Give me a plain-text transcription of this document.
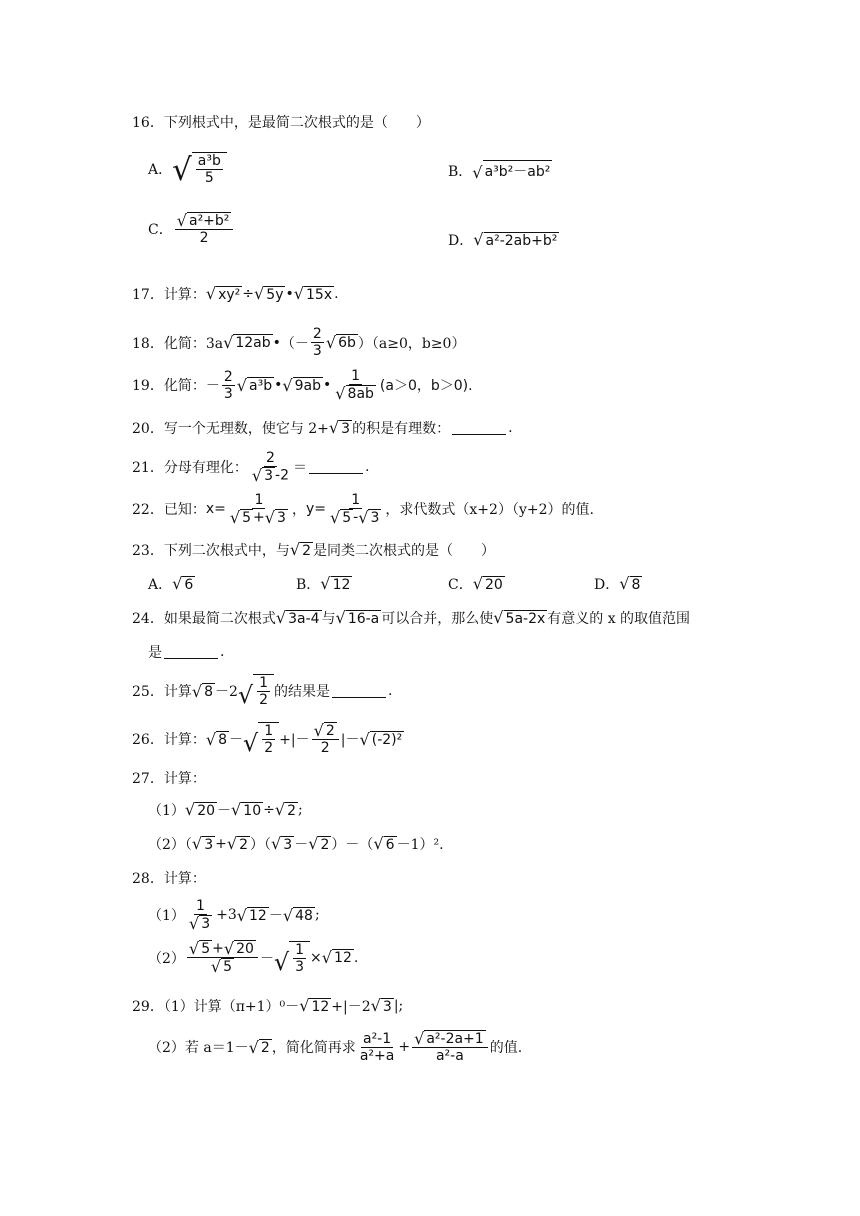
16．下列根式中，是最简二次根式的是（　　）
A． √ $\frac{\text{a³b}}{5}$	B． √ a³b²－ab²
C． $\frac{\text{√ a²+b²}}{2}$	D． √ a²-2ab+b²
17．计算： √ xy² ÷ √ 5y • √ 15x .
18．化简：3a √ 12ab • （－ $\frac{2}{3}$ √ 6b ）（a≥0，b≥0）
19．化简：－ $\frac{2}{3}$ √ a³b • √ 9ab • $\frac{1}{√ 8ab} (a>0$，b＞0).
20．写一个无理数，使它与 2+ √ 3 的积是有理数：	.
21．分母有理化： $\frac{2}{√ 3 -2}$ ＝	.
22．已知： $x= \frac{1}{√ 5 + √ 3}$ ， $y= \frac{1}{√ 5 - √ 3}$ ，求代数式（x+2）（y+2）的值.
23．下列二次根式中，与 √ 2 是同类二次根式的是（　　）
A． √ 6	B． √ 12	C． √ 20	D． √ 8
24．如果最简二次根式 √ 3a-4 与 √ 16-a 可以合并，那么使 √ 5a-2x 有意义的 x 的取值范围
是	.
25．计算 √ 8 －2 √ $\frac{1}{2}$ 的结果是	.
26．计算： √ 8 － √ $\frac{1}{2}$ +|－ $\frac{√ 2}{2}$ |－ √ (-2)²
27．计算：
（1） √ 20 － √ 10 ÷ √ 2 ;
（2）（ √ 3 + √ 2 ）（ √ 3 － √ 2 ）－（ √ 6 －1）².
28．计算：
$(1) \frac{1}{√ 3} +3$ √ 12 － √ 48 ;
$(2) \frac{√ 5 + √ 20}{√ 5}$ － √ $\frac{1}{3}$ × √ 12 .
29．（1）计算（π+1）⁰－ √ 12 +|－2 √ 3 |;
（2）若 a＝1－ √ 2 ，简化简再求 $\frac{\text{a²-1}}{\text{a²+a}} + \frac{\text{√ a²-2a+1}}{\text{a²-a}}$ 的值.
